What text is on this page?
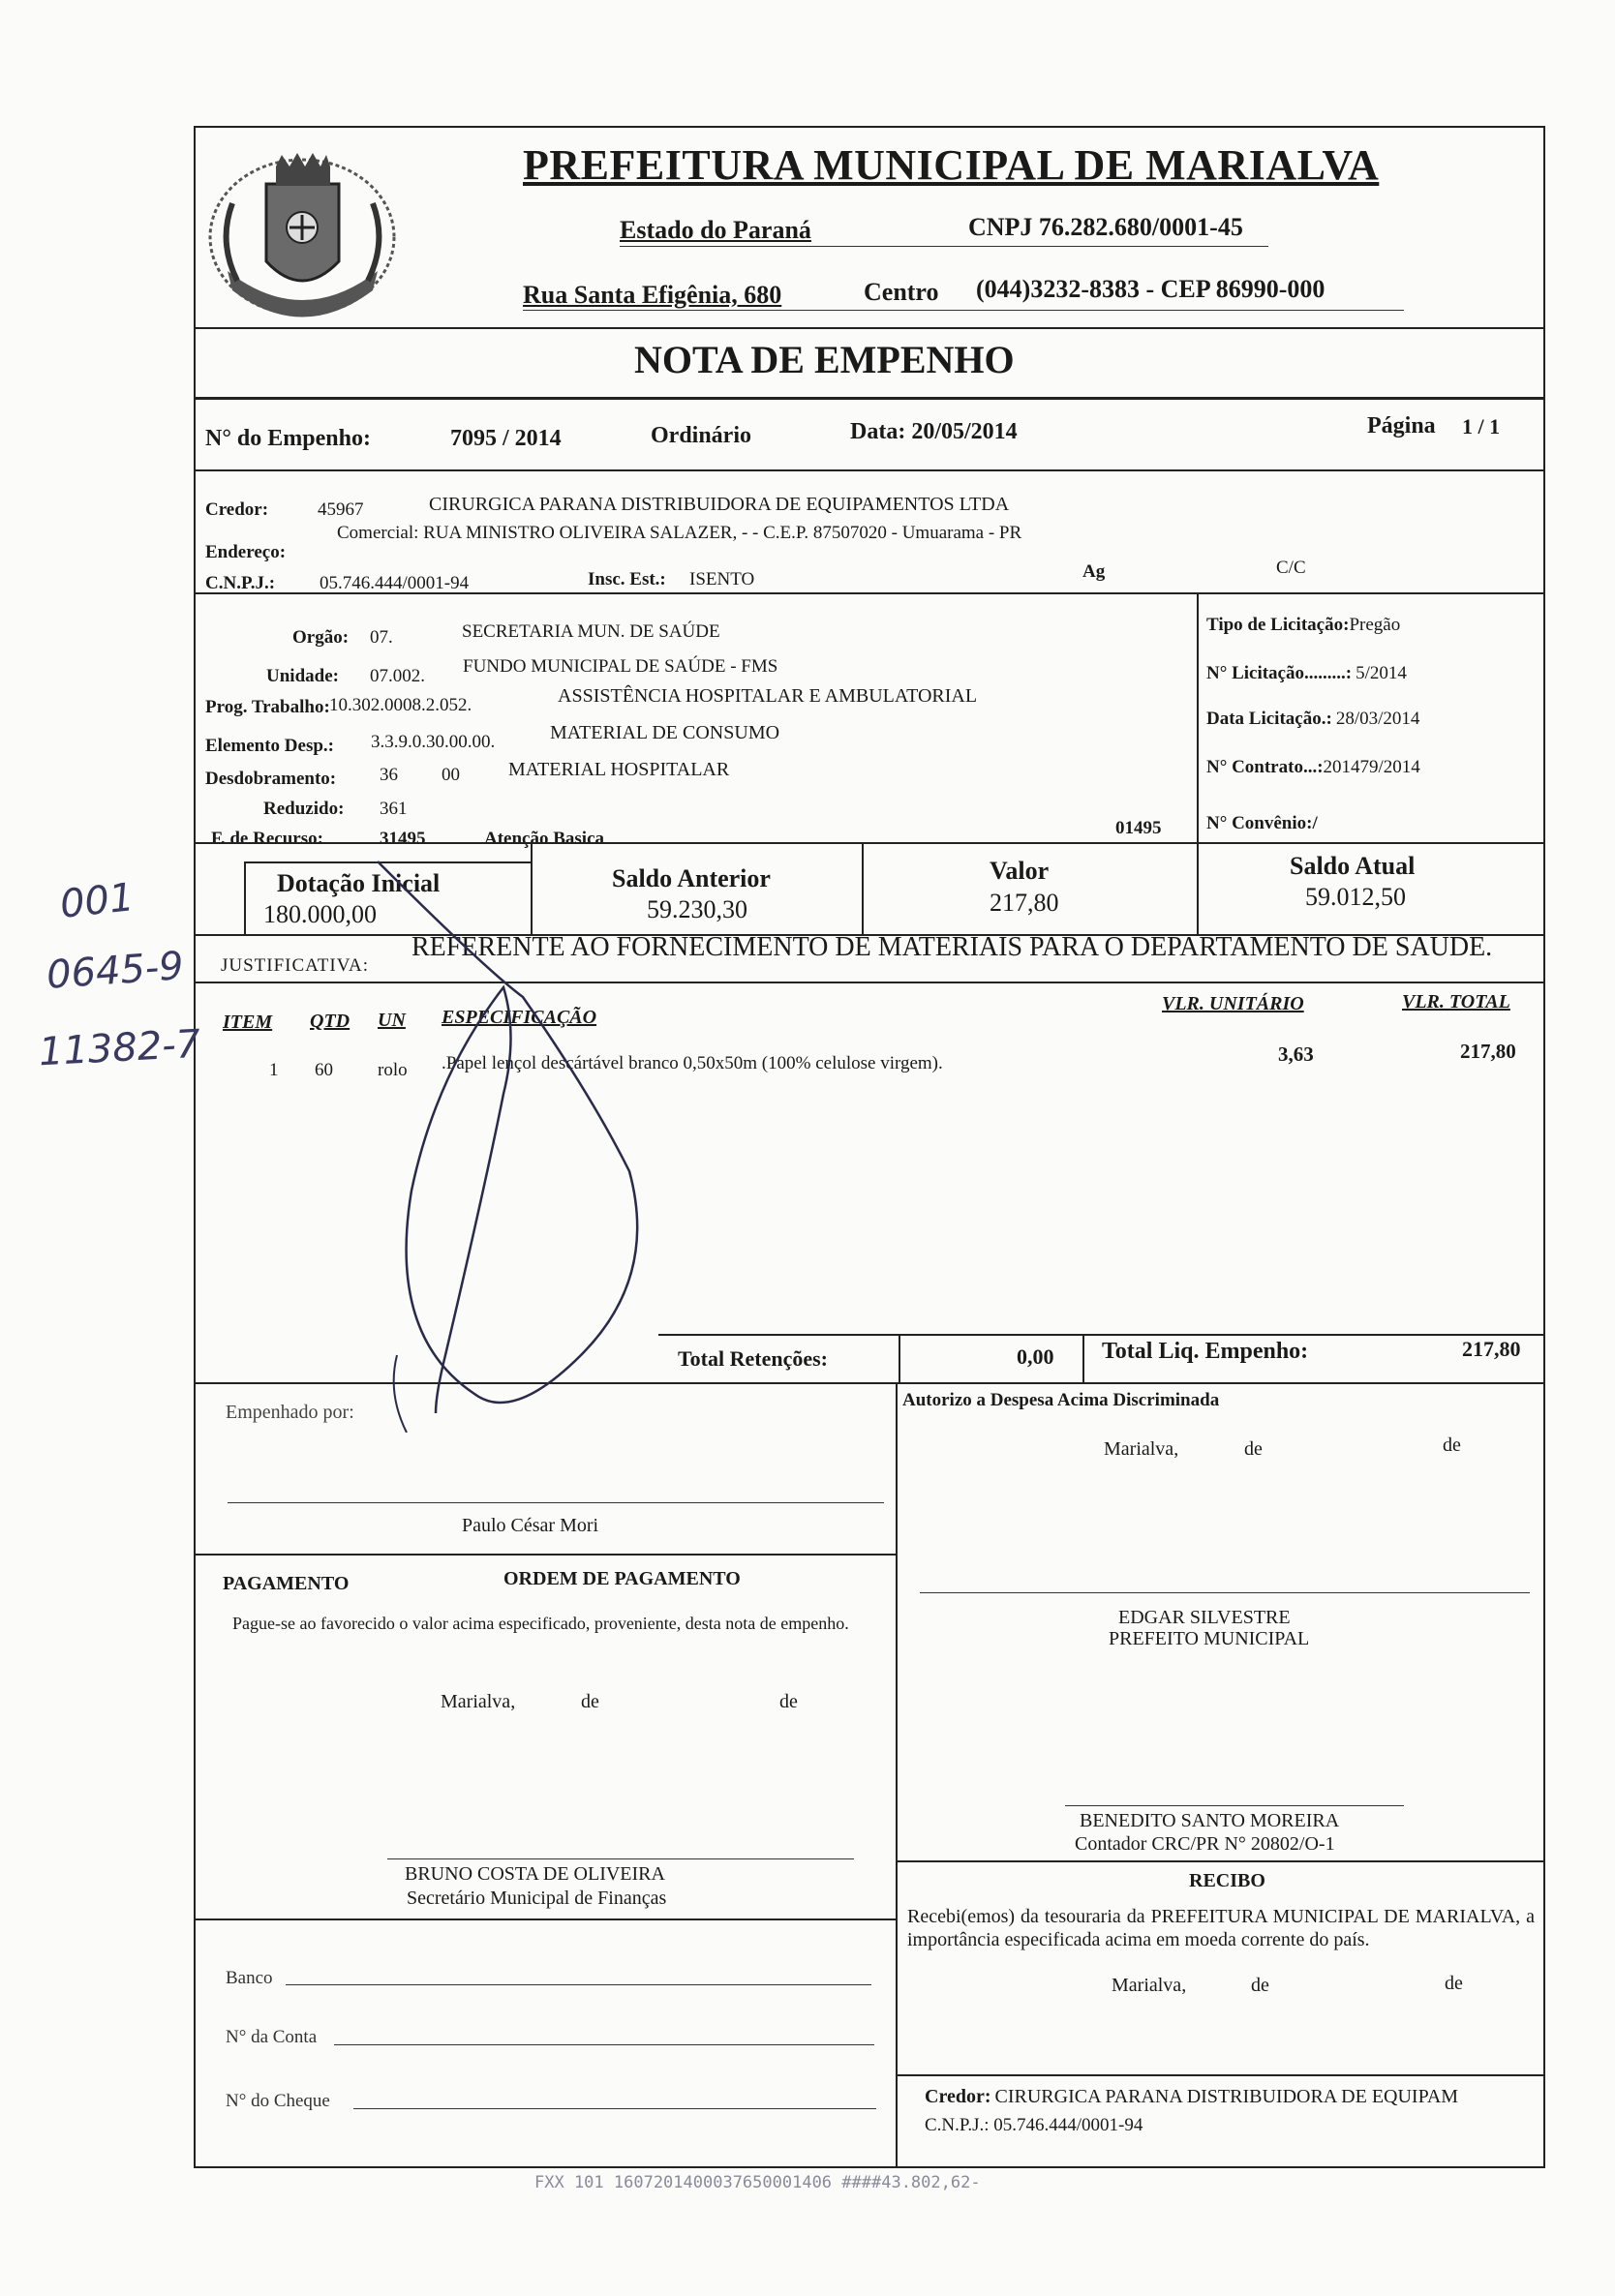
PREFEITURA MUNICIPAL DE MARIALVA
Estado do Paraná	CNPJ 76.282.680/0001-45
Rua Santa Efigênia, 680	Centro (044)3232-8383 - CEP 86990-000
NOTA DE EMPENHO
N° do Empenho:	7095 / 2014	Ordinário	Data: 20/05/2014	Página 1 / 1
Credor:	45967	CIRURGICA PARANA DISTRIBUIDORA DE EQUIPAMENTOS LTDA
Endereço:
Comercial: RUA MINISTRO OLIVEIRA SALAZER, - - C.E.P. 87507020 - Umuarama - PR
C.N.P.J.: 05.746.444/0001-94	Insc. Est.: ISENTO	Ag	C/C
Orgão: 07.	SECRETARIA MUN. DE SAÚDE
Unidade: 07.002. FUNDO MUNICIPAL DE SAÚDE - FMS
Prog. Trabalho: 10.302.0008.2.052.	ASSISTÊNCIA HOSPITALAR E AMBULATORIAL
Elemento Desp.: 3.3.9.0.30.00.00.	MATERIAL DE CONSUMO
Desdobramento: 36 00	MATERIAL HOSPITALAR
Reduzido: 361
F. de Recurso:	31495	Atenção Basica
01495
Tipo de Licitação:Pregão
N° Licitação.........: 5/2014
Data Licitação.: 28/03/2014
N° Contrato...:201479/2014
N° Convênio:/
Dotação Inicial
180.000,00
Saldo Anterior
59.230,30
Valor
217,80
Saldo Atual
59.012,50
JUSTIFICATIVA:
REFERENTE AO FORNECIMENTO DE MATERIAIS PARA O DEPARTAMENTO DE SAUDE.
ITEM QTD UN ESPECIFICAÇÃO
VLR. UNITÁRIO	VLR. TOTAL
1 60 rolo .Papel lençol descártável branco 0,50x50m (100% celulose virgem).	3,63	217,80
Total Retenções:	0,00 Total Liq. Empenho:	217,80
Empenhado por:
Paulo César Mori
PAGAMENTO	ORDEM DE PAGAMENTO
Pague-se ao favorecido o valor acima especificado, proveniente, desta nota de empenho.
Marialva,	de	de
BRUNO COSTA DE OLIVEIRA
Secretário Municipal de Finanças
Banco
N° da Conta
N° do Cheque
Autorizo a Despesa Acima Discriminada
Marialva,	de	de
EDGAR SILVESTRE
PREFEITO MUNICIPAL
BENEDITO SANTO MOREIRA
Contador CRC/PR N° 20802/O-1
RECIBO
Recebi(emos) da tesouraria da PREFEITURA MUNICIPAL DE MARIALVA, a importância especificada acima em moeda corrente do país.
Marialva,	de	de
Credor: CIRURGICA PARANA DISTRIBUIDORA DE EQUIPAM
C.N.P.J.: 05.746.444/0001-94
001
0645-9
11382-7
FXX 101 1607201400037650001406 ####43.802,62-
